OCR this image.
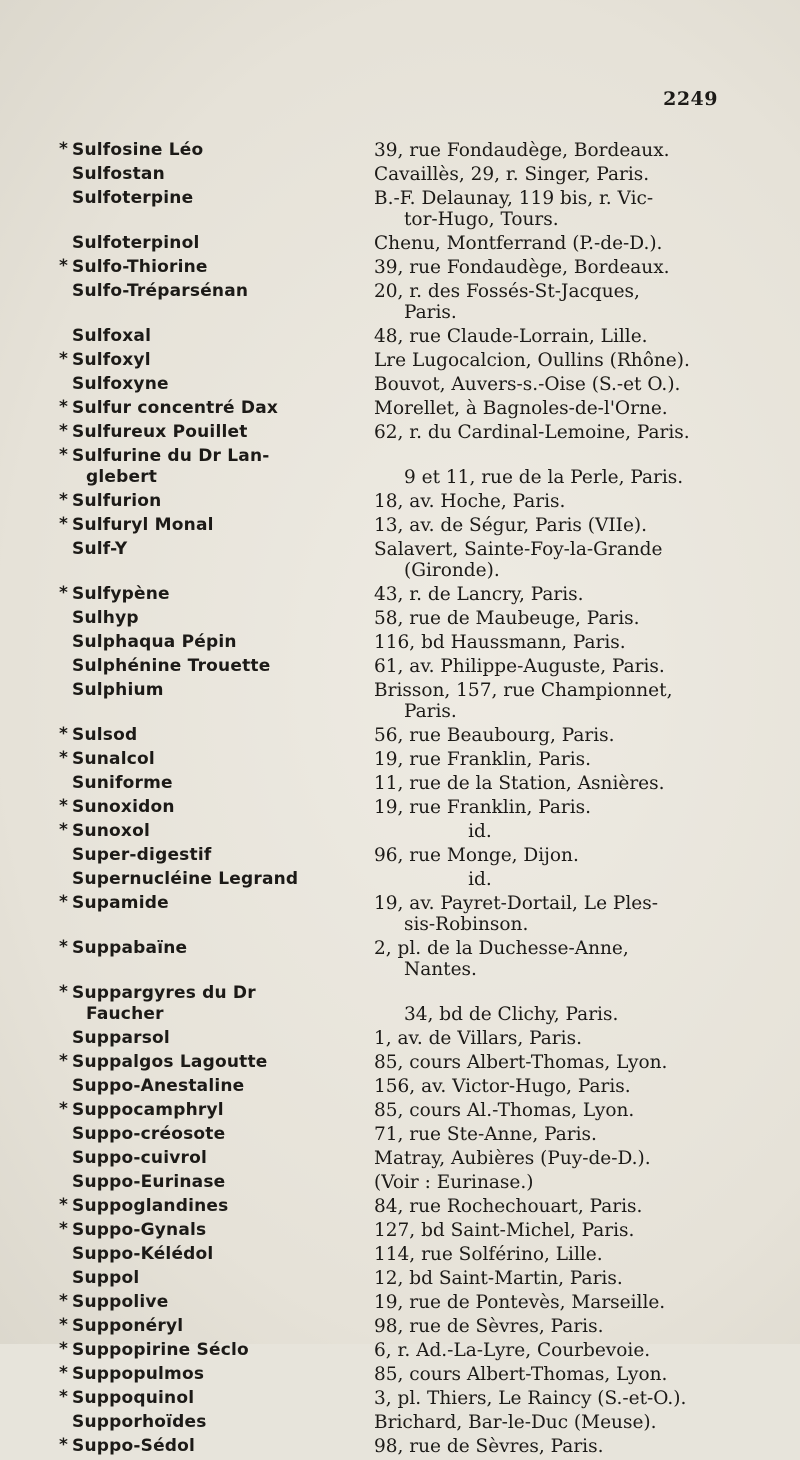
2249
* Sulfosine Léo	39, rue Fondaudège, Bordeaux.
Sulfostan	Cavaillès, 29, r. Singer, Paris.
Sulfoterpine	B.-F. Delaunay, 119 bis, r. Vic-
tor-Hugo, Tours.
Sulfoterpinol	Chenu, Montferrand (P.-de-D.).
* Sulfo-Thiorine	39, rue Fondaudège, Bordeaux.
Sulfo-Tréparsénan	20, r. des Fossés-St-Jacques,
Paris.
Sulfoxal	48, rue Claude-Lorrain, Lille.
* Sulfoxyl	Lre Lugocalcion, Oullins (Rhône).
Sulfoxyne	Bouvot, Auvers-s.-Oise (S.-et O.).
* Sulfur concentré Dax	Morellet, à Bagnoles-de-l'Orne.
* Sulfureux Pouillet	62, r. du Cardinal-Lemoine, Paris.
* Sulfurine du Dr Lan-
glebert
	9 et 11, rue de la Perle, Paris.
* Sulfurion	18, av. Hoche, Paris.
* Sulfuryl Monal	13, av. de Ségur, Paris (VIIe).
Sulf-Y	Salavert, Sainte-Foy-la-Grande
(Gironde).
* Sulfypène	43, r. de Lancry, Paris.
Sulhyp	58, rue de Maubeuge, Paris.
Sulphaqua Pépin	116, bd Haussmann, Paris.
Sulphénine Trouette	61, av. Philippe-Auguste, Paris.
Sulphium	Brisson, 157, rue Championnet,
Paris.
* Sulsod	56, rue Beaubourg, Paris.
* Sunalcol	19, rue Franklin, Paris.
Suniforme	11, rue de la Station, Asnières.
* Sunoxidon	19, rue Franklin, Paris.
* Sunoxol	id.
Super-digestif	96, rue Monge, Dijon.
Supernucléine Legrand	id.
* Supamide	19, av. Payret-Dortail, Le Ples-
sis-Robinson.
* Suppabaïne	2, pl. de la Duchesse-Anne,
Nantes.
* Suppargyres du Dr
Faucher
	34, bd de Clichy, Paris.
Supparsol	1, av. de Villars, Paris.
* Suppalgos Lagoutte	85, cours Albert-Thomas, Lyon.
Suppo-Anestaline	156, av. Victor-Hugo, Paris.
* Suppocamphryl	85, cours Al.-Thomas, Lyon.
Suppo-créosote	71, rue Ste-Anne, Paris.
Suppo-cuivrol	Matray, Aubières (Puy-de-D.).
Suppo-Eurinase	(Voir : Eurinase.)
* Suppoglandines	84, rue Rochechouart, Paris.
* Suppo-Gynals	127, bd Saint-Michel, Paris.
Suppo-Kélédol	114, rue Solférino, Lille.
Suppol	12, bd Saint-Martin, Paris.
* Suppolive	19, rue de Pontevès, Marseille.
* Supponéryl	98, rue de Sèvres, Paris.
* Suppopirine Séclo	6, r. Ad.-La-Lyre, Courbevoie.
* Suppopulmos	85, cours Albert-Thomas, Lyon.
* Suppoquinol	3, pl. Thiers, Le Raincy (S.-et-O.).
Supporhoïdes	Brichard, Bar-le-Duc (Meuse).
* Suppo-Sédol	98, rue de Sèvres, Paris.
